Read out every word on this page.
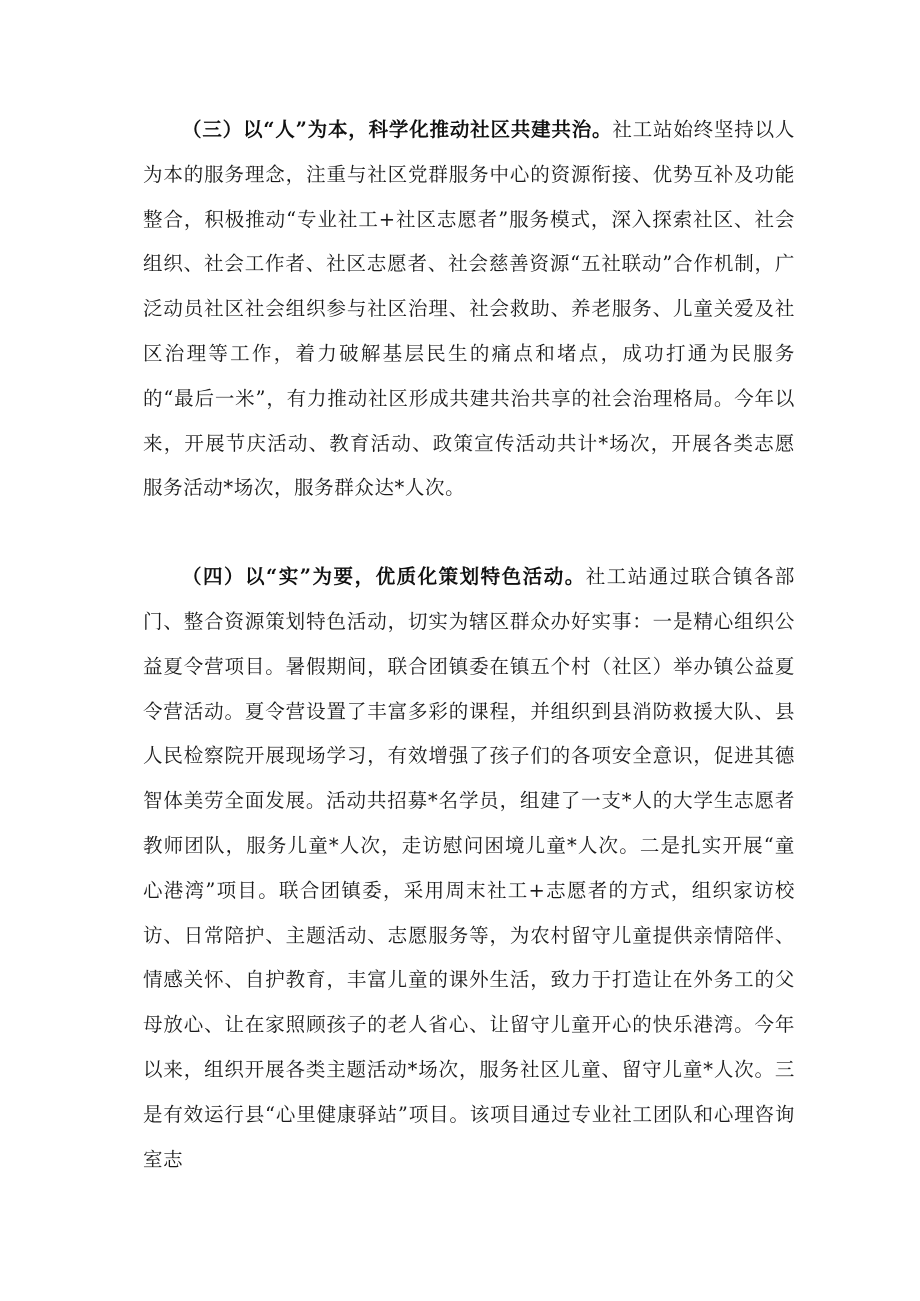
（三）以“人”为本，科学化推动社区共建共治。社工站始终坚持以人为本的服务理念，注重与社区党群服务中心的资源衔接、优势互补及功能整合，积极推动“专业社工+社区志愿者”服务模式，深入探索社区、社会组织、社会工作者、社区志愿者、社会慈善资源“五社联动”合作机制，广泛动员社区社会组织参与社区治理、社会救助、养老服务、儿童关爱及社区治理等工作，着力破解基层民生的痛点和堵点，成功打通为民服务的“最后一米”，有力推动社区形成共建共治共享的社会治理格局。今年以来，开展节庆活动、教育活动、政策宣传活动共计*场次，开展各类志愿服务活动*场次，服务群众达*人次。

（四）以“实”为要，优质化策划特色活动。社工站通过联合镇各部门、整合资源策划特色活动，切实为辖区群众办好实事：一是精心组织公益夏令营项目。暑假期间，联合团镇委在镇五个村（社区）举办镇公益夏令营活动。夏令营设置了丰富多彩的课程，并组织到县消防救援大队、县人民检察院开展现场学习，有效增强了孩子们的各项安全意识，促进其德智体美劳全面发展。活动共招募*名学员，组建了一支*人的大学生志愿者教师团队，服务儿童*人次，走访慰问困境儿童*人次。二是扎实开展“童心港湾”项目。联合团镇委，采用周末社工+志愿者的方式，组织家访校访、日常陪护、主题活动、志愿服务等，为农村留守儿童提供亲情陪伴、情感关怀、自护教育，丰富儿童的课外生活，致力于打造让在外务工的父母放心、让在家照顾孩子的老人省心、让留守儿童开心的快乐港湾。今年以来，组织开展各类主题活动*场次，服务社区儿童、留守儿童*人次。三是有效运行县“心里健康驿站”项目。该项目通过专业社工团队和心理咨询室志
